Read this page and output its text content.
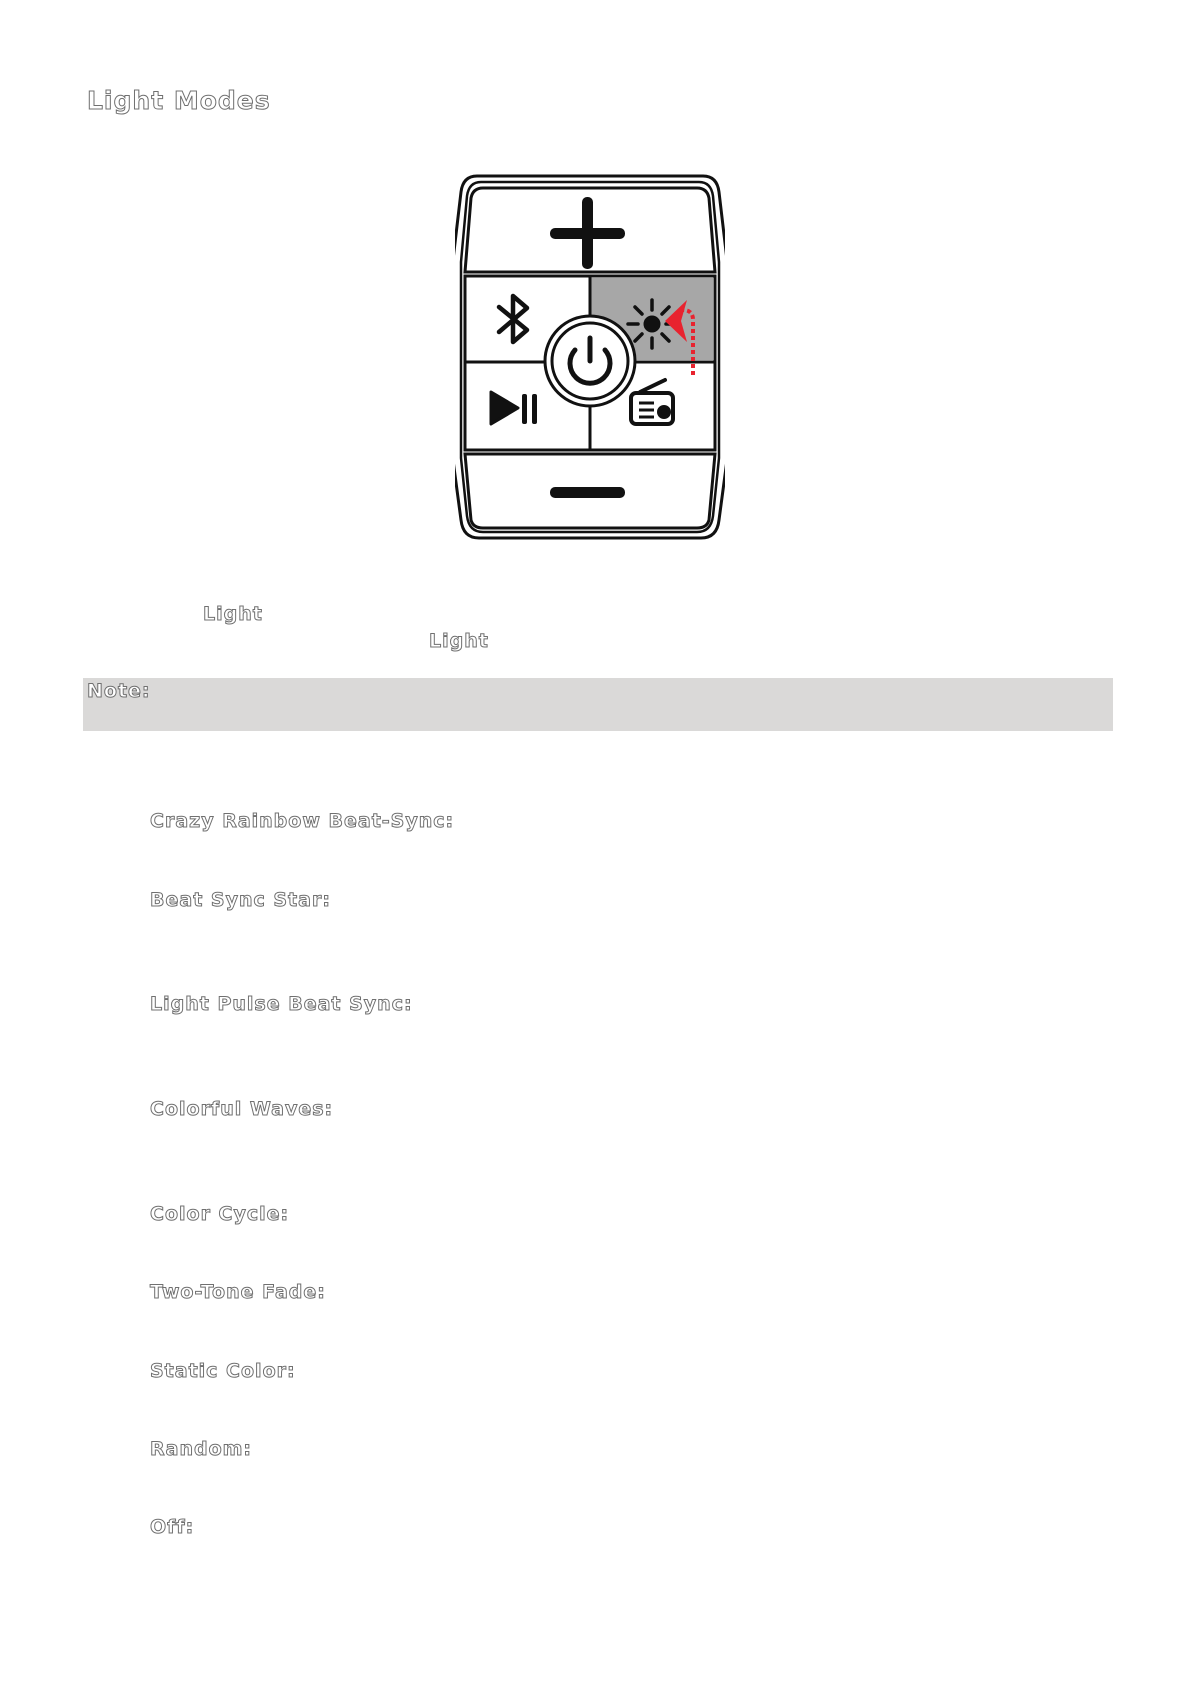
Light Modes
Light
Light
Note:
Crazy Rainbow Beat-Sync:
Beat Sync Star:
Light Pulse Beat Sync:
Colorful Waves:
Color Cycle:
Two-Tone Fade:
Static Color:
Random:
Off:
